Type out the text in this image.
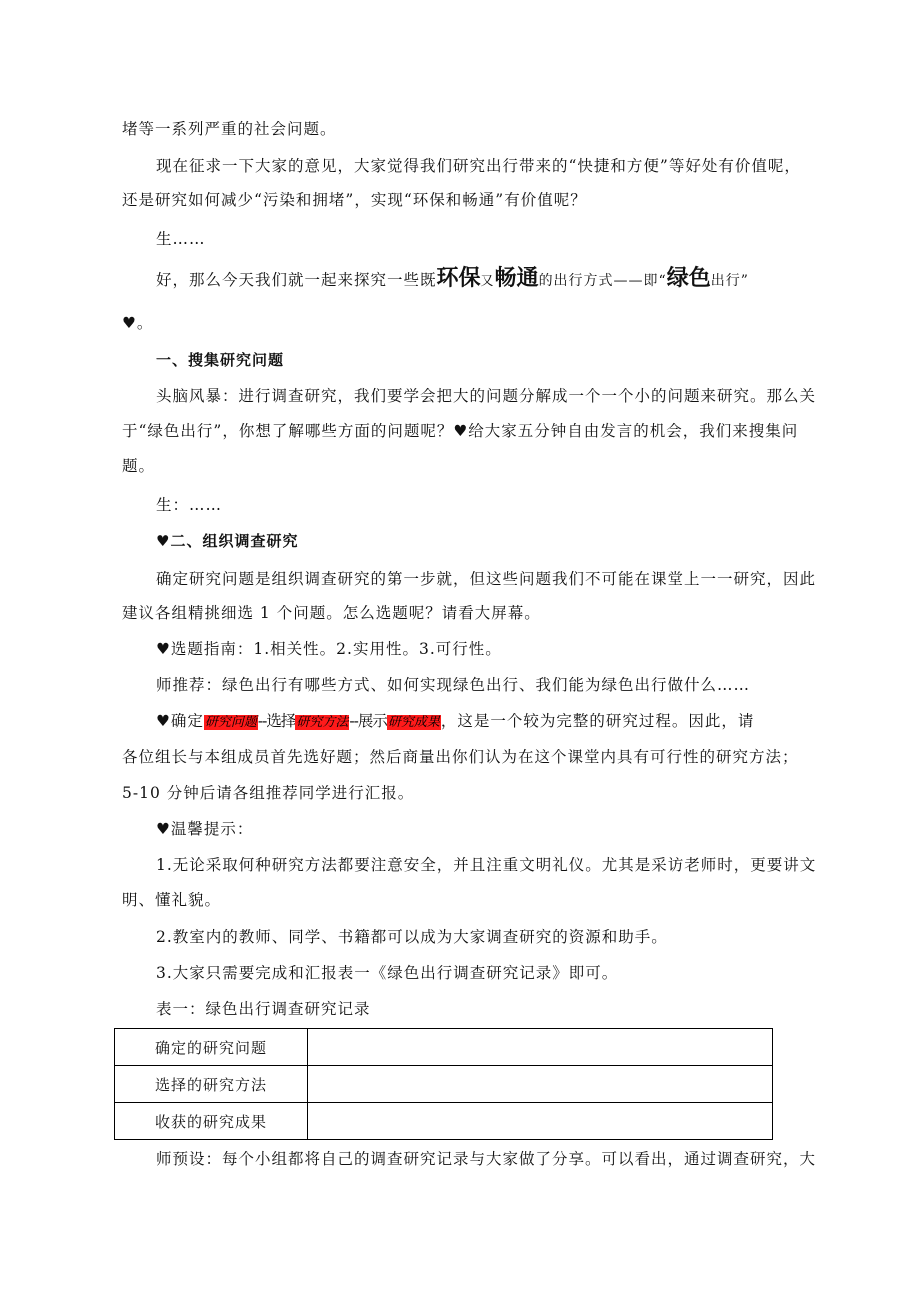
堵等一系列严重的社会问题。
现在征求一下大家的意见，大家觉得我们研究出行带来的“快捷和方便”等好处有价值呢，
还是研究如何减少“污染和拥堵”，实现“环保和畅通”有价值呢？
生……
好，那么今天我们就一起来探究一些既环保又畅通的出行方式——即“绿色出行”
♥。
一、搜集研究问题
头脑风暴：进行调查研究，我们要学会把大的问题分解成一个一个小的问题来研究。那么关
于“绿色出行”，你想了解哪些方面的问题呢？♥给大家五分钟自由发言的机会，我们来搜集问
题。
生：……
♥二、组织调查研究
确定研究问题是组织调查研究的第一步就，但这些问题我们不可能在课堂上一一研究，因此
建议各组精挑细选 1 个问题。怎么选题呢？请看大屏幕。
♥选题指南：1.相关性。2.实用性。3.可行性。
师推荐：绿色出行有哪些方式、如何实现绿色出行、我们能为绿色出行做什么……
♥确定研究问题--选择研究方法--展示研究成果，这是一个较为完整的研究过程。因此，请
各位组长与本组成员首先选好题；然后商量出你们认为在这个课堂内具有可行性的研究方法；
5-10 分钟后请各组推荐同学进行汇报。
♥温馨提示：
1.无论采取何种研究方法都要注意安全，并且注重文明礼仪。尤其是采访老师时，更要讲文
明、懂礼貌。
2.教室内的教师、同学、书籍都可以成为大家调查研究的资源和助手。
3.大家只需要完成和汇报表一《绿色出行调查研究记录》即可。
表一：绿色出行调查研究记录
确定的研究问题	
选择的研究方法	
收获的研究成果	
师预设：每个小组都将自己的调查研究记录与大家做了分享。可以看出，通过调查研究，大
